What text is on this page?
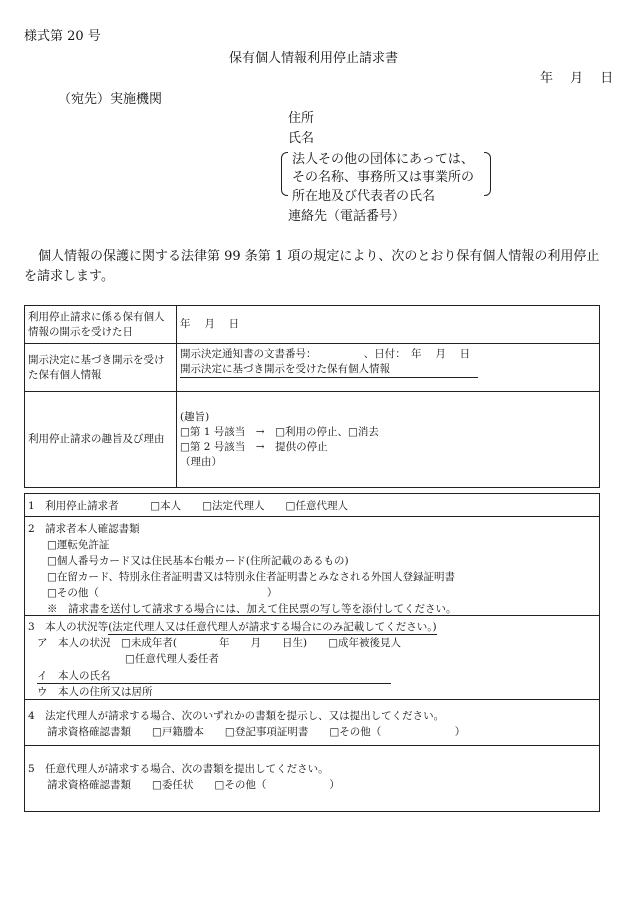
様式第 20 号
保有個人情報利用停止請求書
年　 月　 日
（宛先）実施機関
住所
氏名
法人その他の団体にあっては、
その名称、事務所又は事業所の
所在地及び代表者の氏名
連絡先（電話番号）
個人情報の保護に関する法律第 99 条第 1 項の規定により、次のとおり保有個人情報の利用停止
を請求します。
利用停止請求に係る保有個人情報の開示を受けた日	年　 月　 日
開示決定に基づき開示を受けた保有個人情報	開示決定通知書の文書番号：　　　　　、日付：　年　 月　 日
開示決定に基づき開示を受けた保有個人情報

利用停止請求の趣旨及び理由	(趣旨)
□第 1 号該当　→　□利用の停止、□消去
□第 2 号該当　→　提供の停止
（理由）
1　利用停止請求者　　　□本人　　□法定代理人　　□任意代理人
2　請求者本人確認書類
□運転免許証
□個人番号カード又は住民基本台帳カード(住所記載のあるもの)
□在留カード、特別永住者証明書又は特別永住者証明書とみなされる外国人登録証明書
□その他（　　　　　　　　　　　　　　　　）
※　請求書を送付して請求する場合には、加えて住民票の写し等を添付してください。
3　本人の状況等(法定代理人又は任意代理人が請求する場合にのみ記載してください。)
ア　本人の状況　□未成年者(　　　　年　　月　　日生)　　□成年被後見人
□任意代理人委任者
イ　本人の氏名
ウ　本人の住所又は居所
4　法定代理人が請求する場合、次のいずれかの書類を提示し、又は提出してください。
請求資格確認書類　　□戸籍謄本　　□登記事項証明書　　□その他（　　　　　　　）
5　任意代理人が請求する場合、次の書類を提出してください。
請求資格確認書類　　□委任状　　□その他（　　　　　　）
